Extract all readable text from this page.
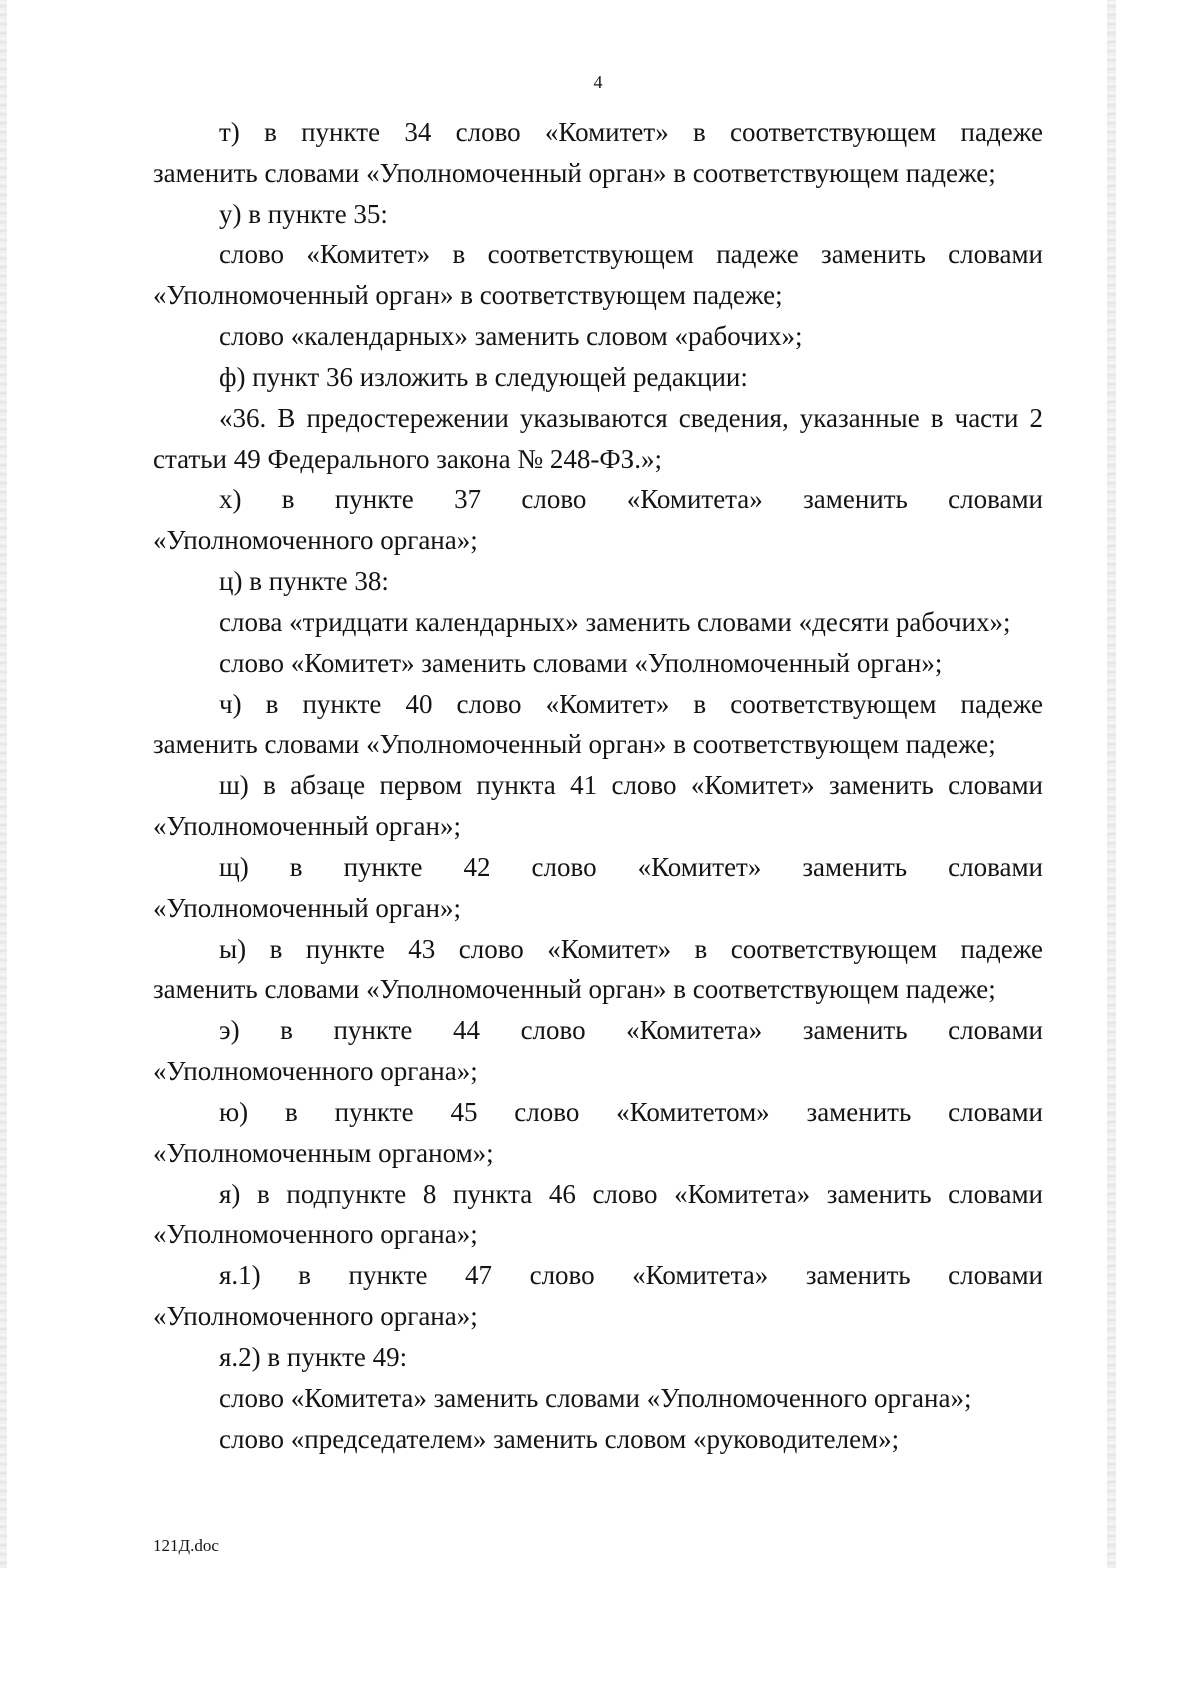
4
т) в пункте 34 слово «Комитет» в соответствующем падеже
заменить словами «Уполномоченный орган» в соответствующем падеже;
у) в пункте 35:
слово «Комитет» в соответствующем падеже заменить словами
«Уполномоченный орган» в соответствующем падеже;
слово «календарных» заменить словом «рабочих»;
ф) пункт 36 изложить в следующей редакции:
«36. В предостережении указываются сведения, указанные в части 2
статьи 49 Федерального закона № 248-ФЗ.»;
х) в пункте 37 слово «Комитета» заменить словами
«Уполномоченного органа»;
ц) в пункте 38:
слова «тридцати календарных» заменить словами «десяти рабочих»;
слово «Комитет» заменить словами «Уполномоченный орган»;
ч) в пункте 40 слово «Комитет» в соответствующем падеже
заменить словами «Уполномоченный орган» в соответствующем падеже;
ш) в абзаце первом пункта 41 слово «Комитет» заменить словами
«Уполномоченный орган»;
щ) в пункте 42 слово «Комитет» заменить словами
«Уполномоченный орган»;
ы) в пункте 43 слово «Комитет» в соответствующем падеже
заменить словами «Уполномоченный орган» в соответствующем падеже;
э) в пункте 44 слово «Комитета» заменить словами
«Уполномоченного органа»;
ю) в пункте 45 слово «Комитетом» заменить словами
«Уполномоченным органом»;
я) в подпункте 8 пункта 46 слово «Комитета» заменить словами
«Уполномоченного органа»;
я.1) в пункте 47 слово «Комитета» заменить словами
«Уполномоченного органа»;
я.2) в пункте 49:
слово «Комитета» заменить словами «Уполномоченного органа»;
слово «председателем» заменить словом «руководителем»;
121Д.doc
